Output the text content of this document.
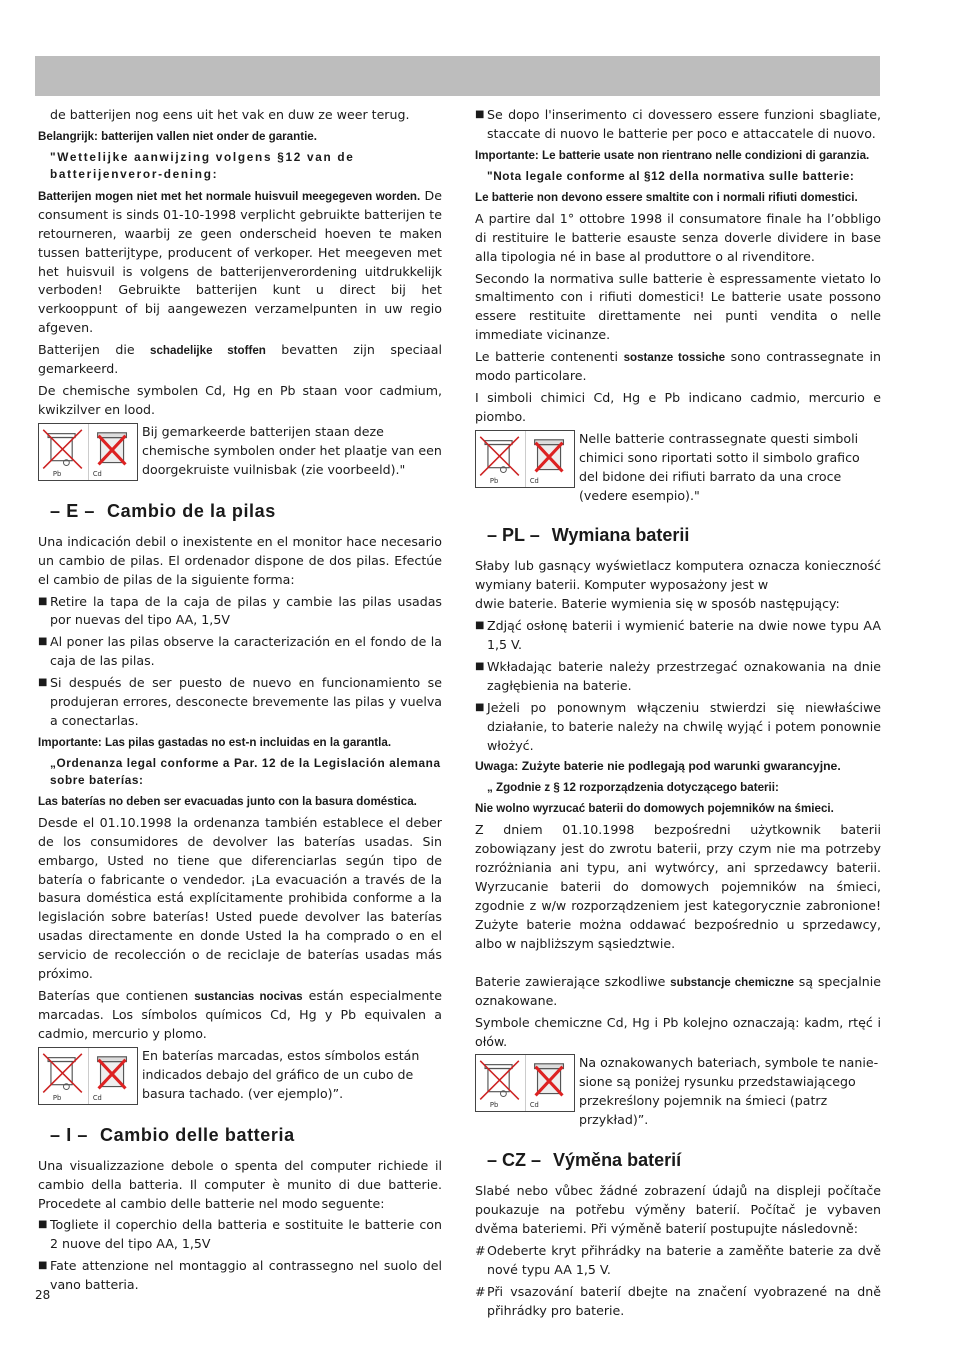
de batterijen nog eens uit het vak en duw ze weer terug.

Belangrijk: batterijen vallen niet onder de garantie.

"Wettelijke aanwijzing volgens §12 van de batterijenveror-dening:

Batterijen mogen niet met het normale huisvuil meegegeven worden. De consument is sinds 01-10-1998 verplicht gebruikte batterijen te retourneren, waarbij ze geen onderscheid hoeven te maken tussen batterijtype, producent of verkoper. Het meegeven met het huisvuil is volgens de batterijenverordening uitdrukkelijk verboden! Gebruikte batterijen kunt u direct bij het verkooppunt of bij aangewezen verzamelpunten in uw regio afgeven.

Batterijen die schadelijke stoffen bevatten zijn speciaal gemarkeerd.

De chemische symbolen Cd, Hg en Pb staan voor cadmium, kwikzilver en lood.

Pb	Cd

Bij gemarkeerde batterijen staan deze chemische symbolen onder het plaatje van een doorgekruiste vuilnisbak (zie voorbeeld)."

– E – Cambio de la pilas

Una indicación debil o inexistente en el monitor hace necesario un cambio de pilas. El ordenador dispone de dos pilas. Efectúe el cambio de pilas de la siguiente forma:

■ Retire la tapa de la caja de pilas y cambie las pilas usadas por nuevas del tipo AA, 1,5V
■ Al poner las pilas observe la caracterización en el fondo de la caja de las pilas.
■ Si después de ser puesto de nuevo en funcionamiento se produjeran errores, desconecte brevemente las pilas y vuelva a conectarlas.

Importante: Las pilas gastadas no est-n incluidas en la garantla.

„Ordenanza legal conforme a Par. 12 de la Legislación alemana sobre baterías:

Las baterías no deben ser evacuadas junto con la basura doméstica.

Desde el 01.10.1998 la ordenanza también establece el deber de los consumidores de devolver las baterías usadas. Sin embargo, Usted no tiene que diferenciarlas según tipo de batería o fabricante o vendedor. ¡La evacuación a través de la basura doméstica está explícitamente prohibida conforme a la legislación sobre baterías! Usted puede devolver las baterías usadas directamente en donde Usted la ha comprado o en el servicio de recolección o de reciclaje de baterías usadas más próximo.

Baterías que contienen sustancias nocivas están especialmente marcadas. Los símbolos químicos Cd, Hg y Pb equivalen a cadmio, mercurio y plomo.

Pb	Cd

En baterías marcadas, estos símbolos están indicados debajo del gráfico de un cubo de basura tachado. (ver ejemplo)”.

– I – Cambio delle batteria

Una visualizzazione debole o spenta del computer richiede il cambio della batteria. Il computer è munito di due batterie. Procedete al cambio delle batterie nel modo seguente:

■ Togliete il coperchio della batteria e sostituite le batterie con 2 nuove del tipo AA, 1,5V
■ Fate attenzione nel montaggio al contrassegno nel suolo del vano batteria.
■ Se dopo l'inserimento ci dovessero essere funzioni sbagliate, staccate di nuovo le batterie per poco e attaccatele di nuovo.

Importante: Le batterie usate non rientrano nelle condizioni di garanzia.

"Nota legale conforme al §12 della normativa sulle batterie:

Le batterie non devono essere smaltite con i normali rifiuti domestici.

A partire dal 1° ottobre 1998 il consumatore finale ha l’obbligo di restituire le batterie esauste senza doverle dividere in base alla tipologia né in base al produttore o al rivenditore.

Secondo la normativa sulle batterie è espressamente vietato lo smaltimento con i rifiuti domestici! Le batterie usate possono essere restituite direttamente nei punti vendita o nelle immediate vicinanze.

Le batterie contenenti sostanze tossiche sono contrassegnate in modo particolare.

I simboli chimici Cd, Hg e Pb indicano cadmio, mercurio e piombo.

Pb	Cd

Nelle batterie contrassegnate questi simboli chimici sono riportati sotto il simbolo grafico del bidone dei rifiuti barrato da una croce (vedere esempio)."

– PL – Wymiana baterii

Słaby lub gasnący wyświetlacz komputera oznacza konieczność wymiany baterii. Komputer wyposażony jest w

dwie baterie. Baterie wymienia się w sposób następujący:

■ Zdjąć osłonę baterii i wymienić baterie na dwie nowe typu AA 1,5 V.
■ Wkładając baterie należy przestrzegać oznakowania na dnie zagłębienia na baterie.
■ Jeżeli po ponownym włączeniu stwierdzi się niewłaściwe działanie, to baterie należy na chwilę wyjąć i potem ponownie włożyć.

Uwaga: Zużyte baterie nie podlegają pod warunki gwarancyjne.

„ Zgodnie z § 12 rozporządzenia dotyczącego baterii:

Nie wolno wyrzucać baterii do domowych pojemników na śmieci.

Z dniem 01.10.1998 bezpośredni użytkownik baterii zobowiązany jest do zwrotu baterii, przy czym nie ma potrzeby rozróżniania ani typu, ani wytwórcy, ani sprzedawcy baterii. Wyrzucanie baterii do domowych pojemników na śmieci, zgodnie z w/w rozporządzeniem jest kategorycznie zabronione! Zużyte baterie można oddawać bezpośrednio u sprzedawcy, albo w najbliższym sąsiedztwie.

Baterie zawierające szkodliwe substancje chemiczne są specjalnie oznakowane.

Symbole chemiczne Cd, Hg i Pb kolejno oznaczają: kadm, rtęć i ołów.

Pb	Cd

Na oznakowanych bateriach, symbole te nanie-sione są poniżej rysunku przedstawiającego przekreślony pojemnik na śmieci (patrz przykład)”.

– CZ – Výměna baterií

Slabé nebo vůbec žádné zobrazení údajů na displeji počítače poukazuje na potřebu výměny baterií. Počítač je vybaven dvěma bateriemi. Při výměně baterií postupujte následovně:

# Odeberte kryt přihrádky na baterie a zaměňte baterie za dvě nové typu AA 1,5 V.
# Při vsazování baterií dbejte na značení vyobrazené na dně přihrádky pro baterie.
28
